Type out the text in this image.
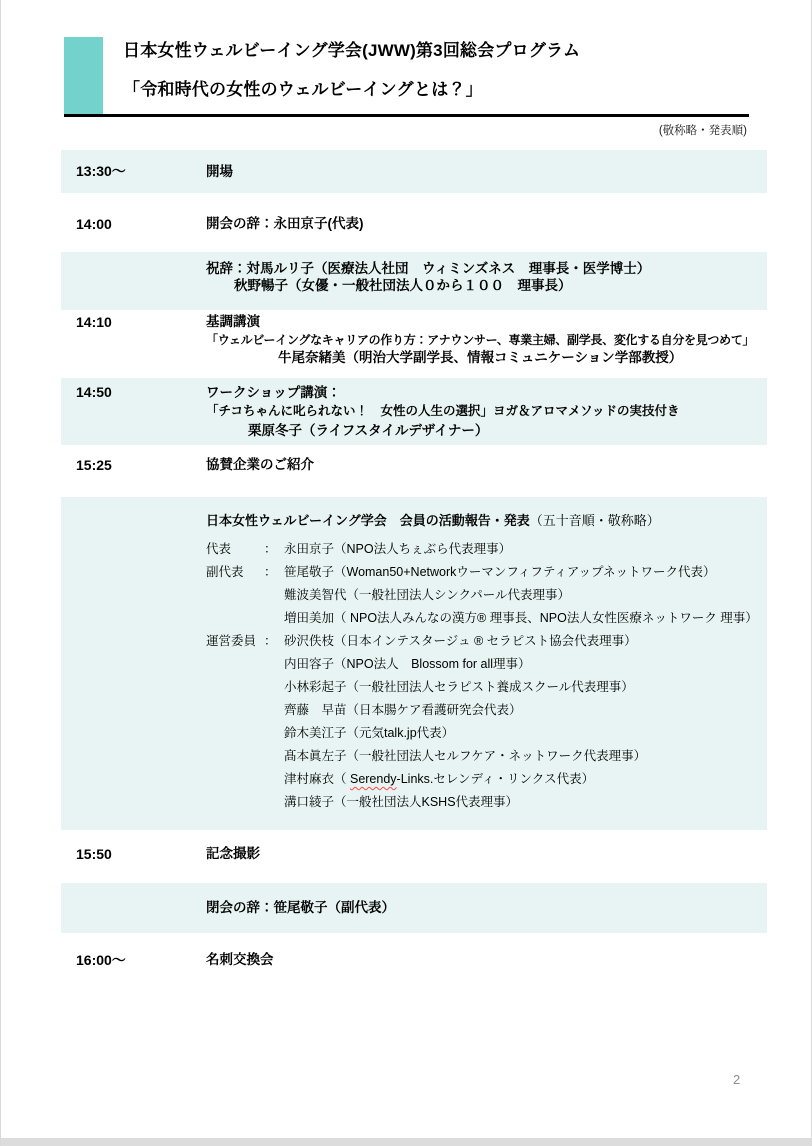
日本女性ウェルビーイング学会(JWW)第3回総会プログラム
「令和時代の女性のウェルビーイングとは？」
(敬称略・発表順)
13:30～	開場
14:00	開会の辞：永田京子(代表)
祝辞：対馬ルリ子（医療法人社団　ウィミンズネス　理事長・医学博士）
秋野暢子（女優・一般社団法人０から１００　理事長）
14:10	基調講演
「ウェルビーイングなキャリアの作り方：アナウンサー、専業主婦、副学長、変化する自分を見つめて」
牛尾奈緒美（明治大学副学長、情報コミュニケーション学部教授）
14:50	ワークショップ講演：
「チコちゃんに叱られない！　女性の人生の選択」ヨガ＆アロマメソッドの実技付き
栗原冬子（ライフスタイルデザイナー）
15:25	協賛企業のご紹介
日本女性ウェルビーイング学会　会員の活動報告・発表（五十音順・敬称略）
代表	： 永田京子（NPO法人ちぇぶら代表理事）
副代表	： 笹尾敬子（Woman50+Networkウーマンフィフティアップネットワーク代表）
難波美智代（一般社団法人シンクパール代表理事）
増田美加（ NPO法人みんなの漢方® 理事長、NPO法人女性医療ネットワーク 理事）
運営委員 ： 砂沢佚枝（日本インテスタージュ ® セラピスト協会代表理事）
内田容子（NPO法人　Blossom for all理事）
小林彩起子（一般社団法人セラピスト養成スクール代表理事）
齊藤　早苗（日本腸ケア看護研究会代表）
鈴木美江子（元気talk.jp代表）
髙本眞左子（一般社団法人セルフケア・ネットワーク代表理事）
津村麻衣（ Serendy-Links.セレンディ・リンクス代表）
溝口綾子（一般社団法人KSHS代表理事）
15:50	記念撮影
閉会の辞：笹尾敬子（副代表）
16:00～	名刺交換会
2
